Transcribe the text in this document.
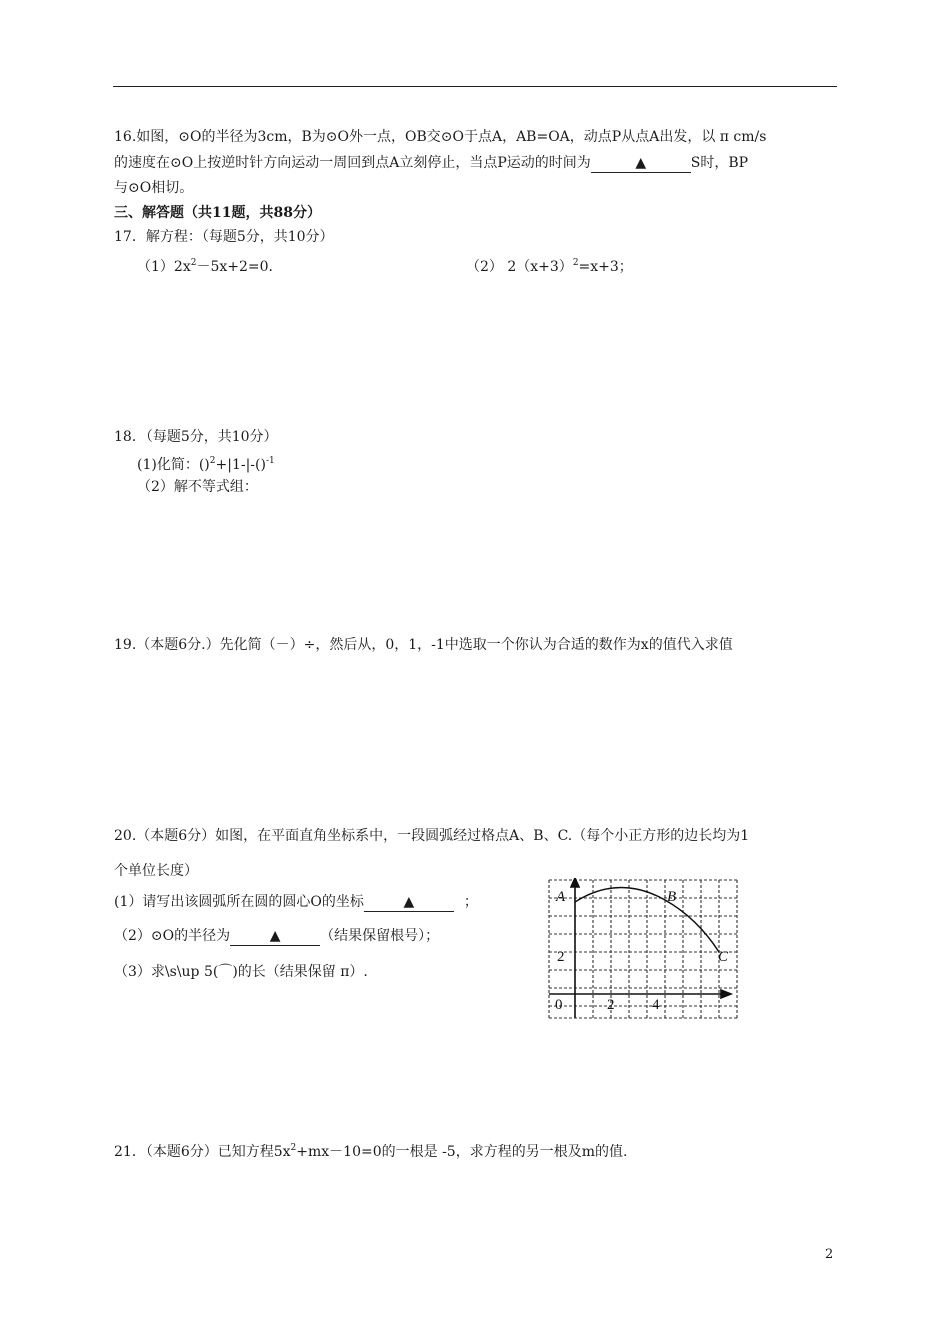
16.如图，⊙O的半径为3cm，B为⊙O外一点，OB交⊙O于点A，AB=OA，动点P从点A出发，以 π cm/s
的速度在⊙O上按逆时针方向运动一周回到点A立刻停止，当点P运动的时间为	▲	S时，BP
与⊙O相切。
三、解答题（共11题，共88分）
17．解方程：（每题5分，共10分）
$(1)2x^2-5x+2=0$．	（2） $2(x+3)^2=x+3$；
18．（每题5分，共10分）
(1)化简：()$^2$+|1-|-()$^{-1}$
（2）解不等式组：
19.（本题6分.）先化简（－）÷，然后从，0，1，-1中选取一个你认为合适的数作为x的值代入求值
20.（本题6分）如图，在平面直角坐标系中，一段圆弧经过格点A、B、C.（每个小正方形的边长均为1
个单位长度）
(1）请写出该圆弧所在圆的圆心O的坐标	▲	；
（2）⊙O的半径为	▲	（结果保留根号）；
（3）求\s\up 5(⌒)的长（结果保留 π）.
A	B
C
0	2	4
2
21．（本题6分）已知方程$5x^2+mx-10=0$的一根是 -5，求方程的另一根及m的值.
2
